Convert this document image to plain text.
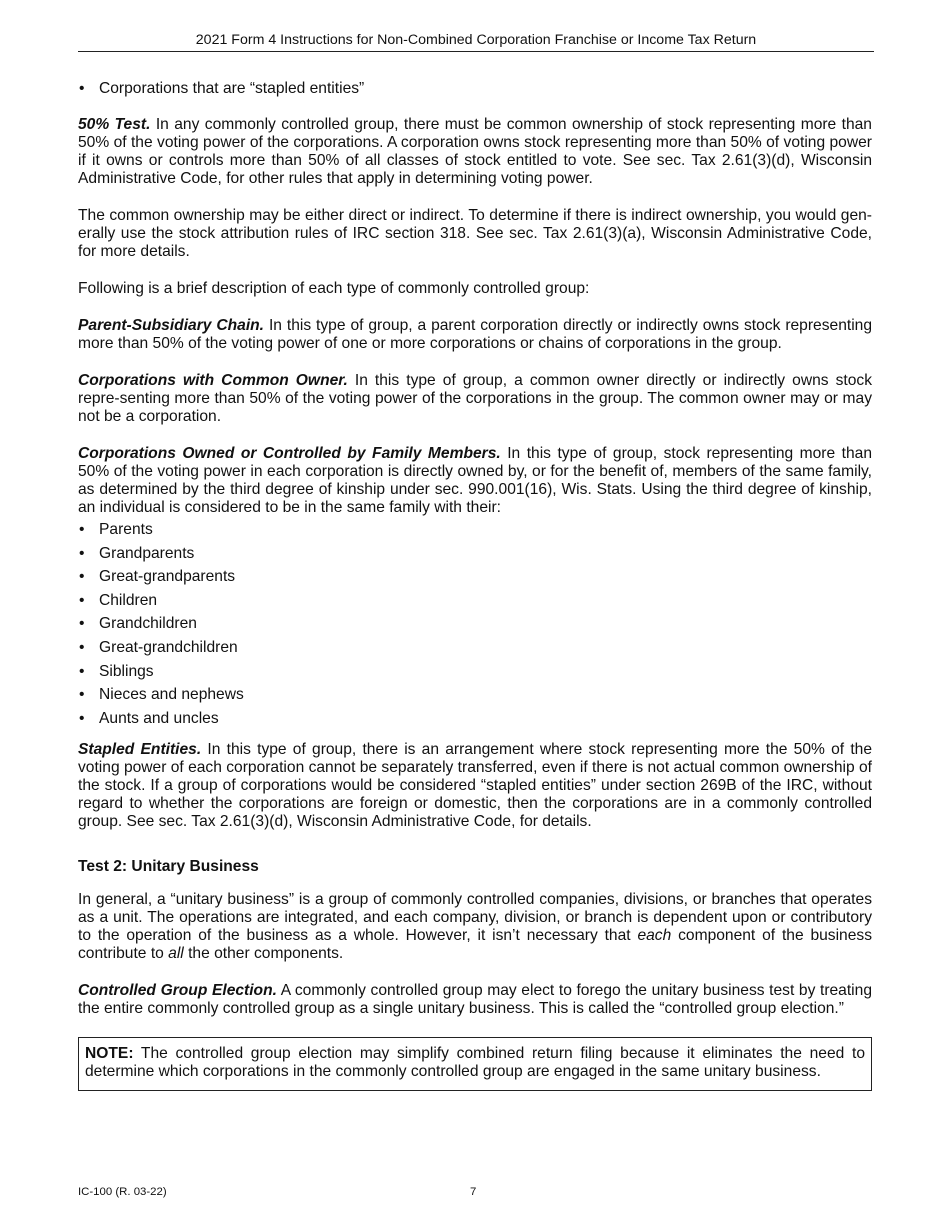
2021 Form 4 Instructions for Non-Combined Corporation Franchise or Income Tax Return
• Corporations that are “stapled entities”

50% Test. In any commonly controlled group, there must be common ownership of stock representing more than 50% of the voting power of the corporations. A corporation owns stock representing more than 50% of voting power if it owns or controls more than 50% of all classes of stock entitled to vote. See sec. Tax 2.61(3)(d), Wisconsin Administrative Code, for other rules that apply in determining voting power.

The common ownership may be either direct or indirect. To determine if there is indirect ownership, you would gen-erally use the stock attribution rules of IRC section 318. See sec. Tax 2.61(3)(a), Wisconsin Administrative Code, for more details.

Following is a brief description of each type of commonly controlled group:

Parent-Subsidiary Chain. In this type of group, a parent corporation directly or indirectly owns stock representing more than 50% of the voting power of one or more corporations or chains of corporations in the group.

Corporations with Common Owner. In this type of group, a common owner directly or indirectly owns stock repre-senting more than 50% of the voting power of the corporations in the group. The common owner may or may not be a corporation.

Corporations Owned or Controlled by Family Members. In this type of group, stock representing more than 50% of the voting power in each corporation is directly owned by, or for the benefit of, members of the same family, as determined by the third degree of kinship under sec. 990.001(16), Wis. Stats. Using the third degree of kinship, an individual is considered to be in the same family with their:

• Parents
• Grandparents
• Great-grandparents
• Children
• Grandchildren
• Great-grandchildren
• Siblings
• Nieces and nephews
• Aunts and uncles

Stapled Entities. In this type of group, there is an arrangement where stock representing more the 50% of the voting power of each corporation cannot be separately transferred, even if there is not actual common ownership of the stock. If a group of corporations would be considered “stapled entities” under section 269B of the IRC, without regard to whether the corporations are foreign or domestic, then the corporations are in a commonly controlled group. See sec. Tax 2.61(3)(d), Wisconsin Administrative Code, for details.

Test 2: Unitary Business

In general, a “unitary business” is a group of commonly controlled companies, divisions, or branches that operates as a unit. The operations are integrated, and each company, division, or branch is dependent upon or contributory to the operation of the business as a whole. However, it isn’t necessary that each component of the business contribute to all the other components.

Controlled Group Election. A commonly controlled group may elect to forego the unitary business test by treating the entire commonly controlled group as a single unitary business. This is called the “controlled group election.”

NOTE: The controlled group election may simplify combined return filing because it eliminates the need to determine which corporations in the commonly controlled group are engaged in the same unitary business.

IC-100 (R. 03-22)	7
